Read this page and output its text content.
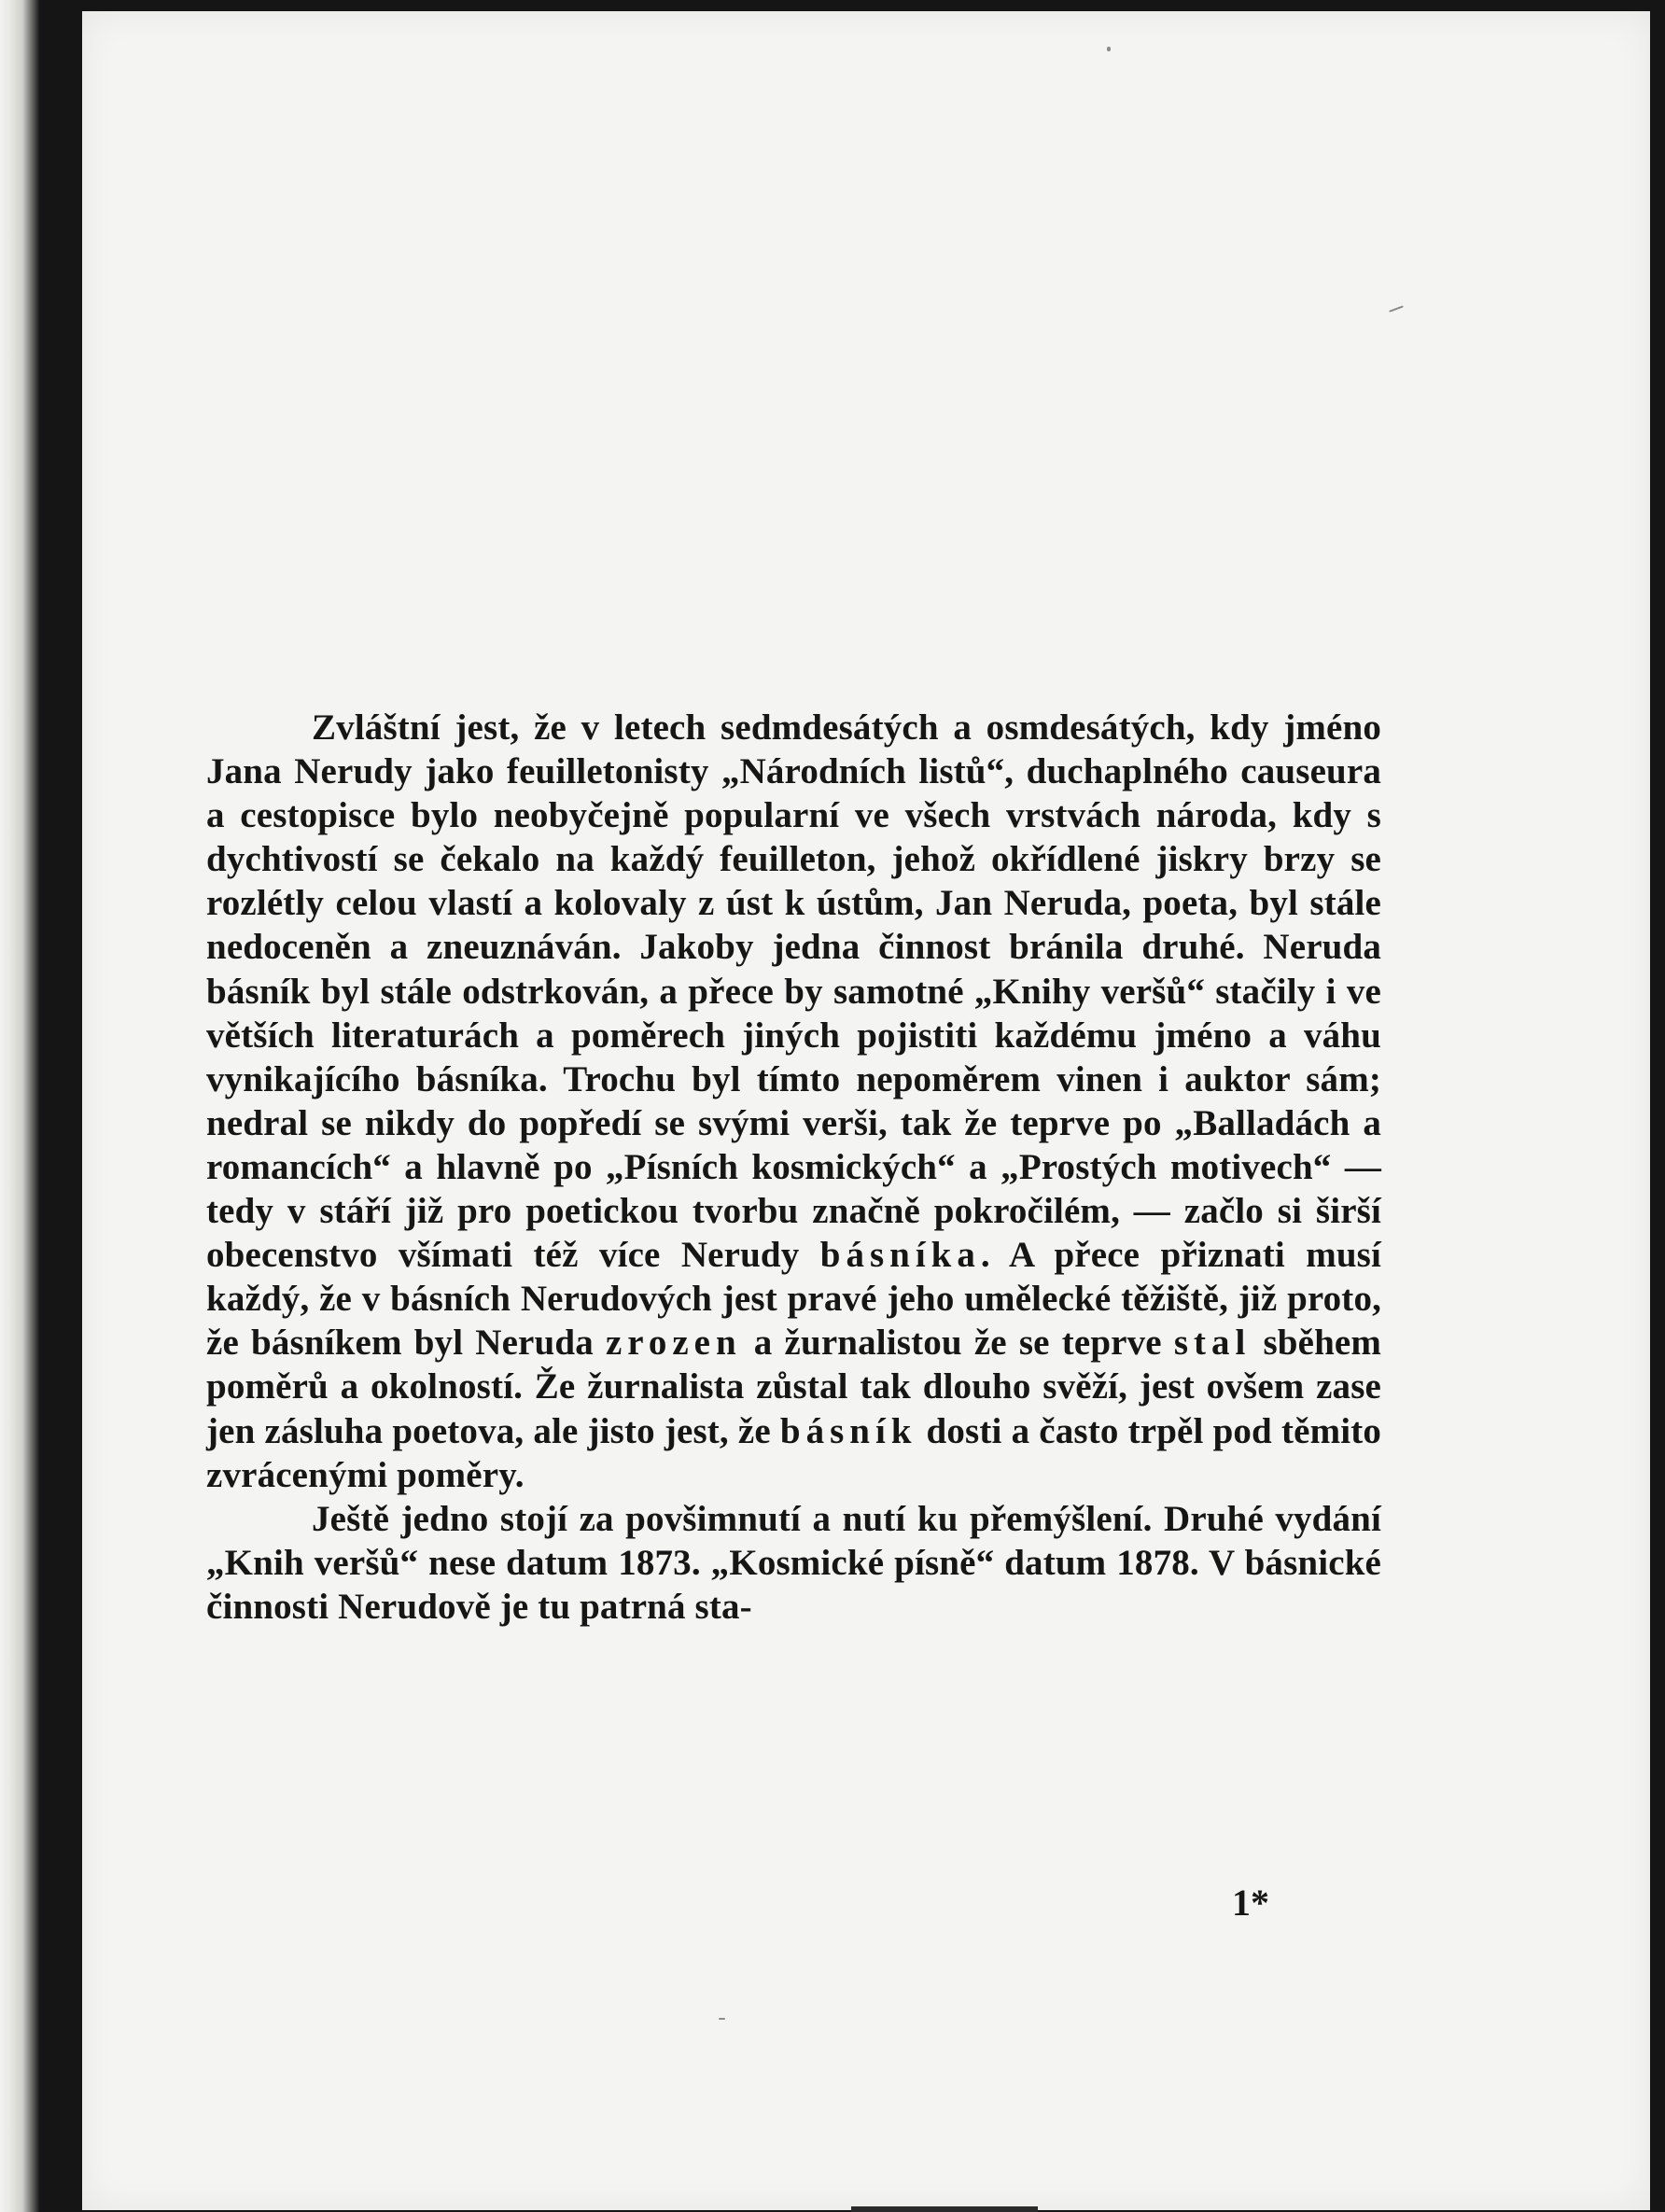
Zvláštní jest, že v letech sedmdesátých a osmdesátých, kdy jméno Jana Nerudy jako feuilletonisty „Národních listů“, duchaplného causeura a cestopisce bylo neobyčejně popularní ve všech vrstvách národa, kdy s dychtivostí se čekalo na každý feuilleton, jehož okřídlené jiskry brzy se rozlétly celou vlastí a kolovaly z úst k ústům, Jan Neruda, poeta, byl stále nedoceněn a zneuznáván. Jakoby jedna činnost bránila druhé. Neruda básník byl stále odstrkován, a přece by samotné „Knihy veršů“ stačily i ve větších literaturách a poměrech jiných pojistiti každému jméno a váhu vynikajícího básníka. Trochu byl tímto nepoměrem vinen i auktor sám; nedral se nikdy do popředí se svými verši, tak že teprve po „Balladách a romancích“ a hlavně po „Písních kosmických“ a „Prostých motivech“ — tedy v stáří již pro poetickou tvorbu značně pokročilém, — začlo si širší obecenstvo všímati též více Nerudy básníka. A přece přiznati musí každý, že v básních Nerudových jest pravé jeho umělecké těžiště, již proto, že básníkem byl Neruda zrozen a žurnalistou že se teprve stal sběhem poměrů a okolností. Že žurnalista zůstal tak dlouho svěží, jest ovšem zase jen zásluha poetova, ale jisto jest, že básník dosti a často trpěl pod těmito zvrácenými poměry.

Ještě jedno stojí za povšimnutí a nutí ku přemýšlení. Druhé vydání „Knih veršů“ nese datum 1873. „Kosmické písně“ datum 1878. V básnické činnosti Nerudově je tu patrná sta-

1*
